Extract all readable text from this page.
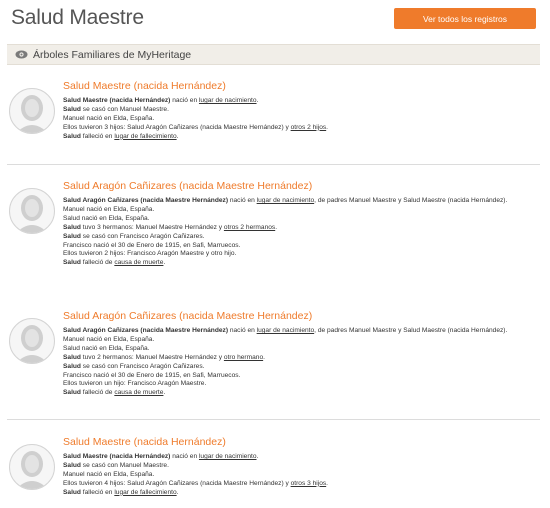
Salud Maestre	Ver todos los registros
Árboles Familiares de MyHeritage
Salud Maestre (nacida Hernández)
Salud Maestre (nacida Hernández) nació en lugar de nacimiento.
Salud se casó con Manuel Maestre.
Manuel nació en Elda, España.
Ellos tuvieron 3 hijos: Salud Aragón Cañizares (nacida Maestre Hernández) y otros 2 hijos.
Salud falleció en lugar de fallecimiento.
Salud Aragón Cañizares (nacida Maestre Hernández)
Salud Aragón Cañizares (nacida Maestre Hernández) nació en lugar de nacimiento, de padres Manuel Maestre y Salud Maestre (nacida Hernández).
Manuel nació en Elda, España.
Salud nació en Elda, España.
Salud tuvo 3 hermanos: Manuel Maestre Hernández y otros 2 hermanos.
Salud se casó con Francisco Aragón Cañizares.
Francisco nació el 30 de Enero de 1915, en Safi, Marruecos.
Ellos tuvieron 2 hijos: Francisco Aragón Maestre y otro hijo.
Salud falleció de causa de muerte.
Salud Aragón Cañizares (nacida Maestre Hernández)
Salud Aragón Cañizares (nacida Maestre Hernández) nació en lugar de nacimiento, de padres Manuel Maestre y Salud Maestre (nacida Hernández).
Manuel nació en Elda, España.
Salud nació en Elda, España.
Salud tuvo 2 hermanos: Manuel Maestre Hernández y otro hermano.
Salud se casó con Francisco Aragón Cañizares.
Francisco nació el 30 de Enero de 1915, en Safi, Marruecos.
Ellos tuvieron un hijo: Francisco Aragón Maestre.
Salud falleció de causa de muerte.
Salud Maestre (nacida Hernández)
Salud Maestre (nacida Hernández) nació en lugar de nacimiento.
Salud se casó con Manuel Maestre.
Manuel nació en Elda, España.
Ellos tuvieron 4 hijos: Salud Aragón Cañizares (nacida Maestre Hernández) y otros 3 hijos.
Salud falleció en lugar de fallecimiento.
